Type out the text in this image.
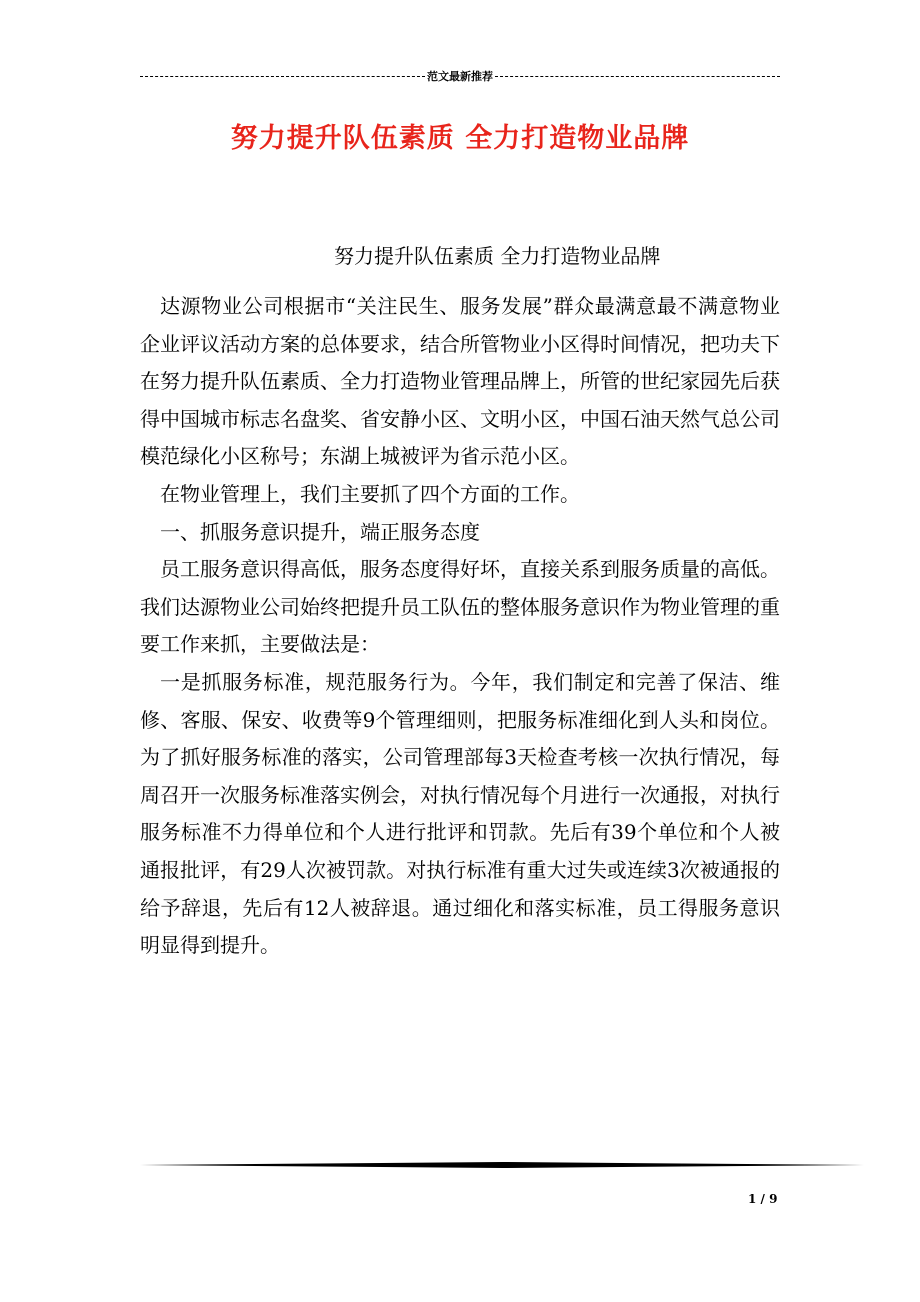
范文最新推荐
努力提升队伍素质 全力打造物业品牌
努力提升队伍素质 全力打造物业品牌

达源物业公司根据市“关注民生、服务发展”群众最满意最不满意物业企业评议活动方案的总体要求，结合所管物业小区得时间情况，把功夫下在努力提升队伍素质、全力打造物业管理品牌上，所管的世纪家园先后获得中国城市标志名盘奖、省安静小区、文明小区，中国石油天然气总公司模范绿化小区称号；东湖上城被评为省示范小区。

在物业管理上，我们主要抓了四个方面的工作。

一、抓服务意识提升，端正服务态度

员工服务意识得高低，服务态度得好坏，直接关系到服务质量的高低。我们达源物业公司始终把提升员工队伍的整体服务意识作为物业管理的重要工作来抓，主要做法是：

一是抓服务标准，规范服务行为。今年，我们制定和完善了保洁、维修、客服、保安、收费等9个管理细则，把服务标准细化到人头和岗位。为了抓好服务标准的落实，公司管理部每3天检查考核一次执行情况，每周召开一次服务标准落实例会，对执行情况每个月进行一次通报，对执行服务标准不力得单位和个人进行批评和罚款。先后有39个单位和个人被通报批评，有29人次被罚款。对执行标准有重大过失或连续3次被通报的给予辞退，先后有12人被辞退。通过细化和落实标准，员工得服务意识明显得到提升。

1 / 9
